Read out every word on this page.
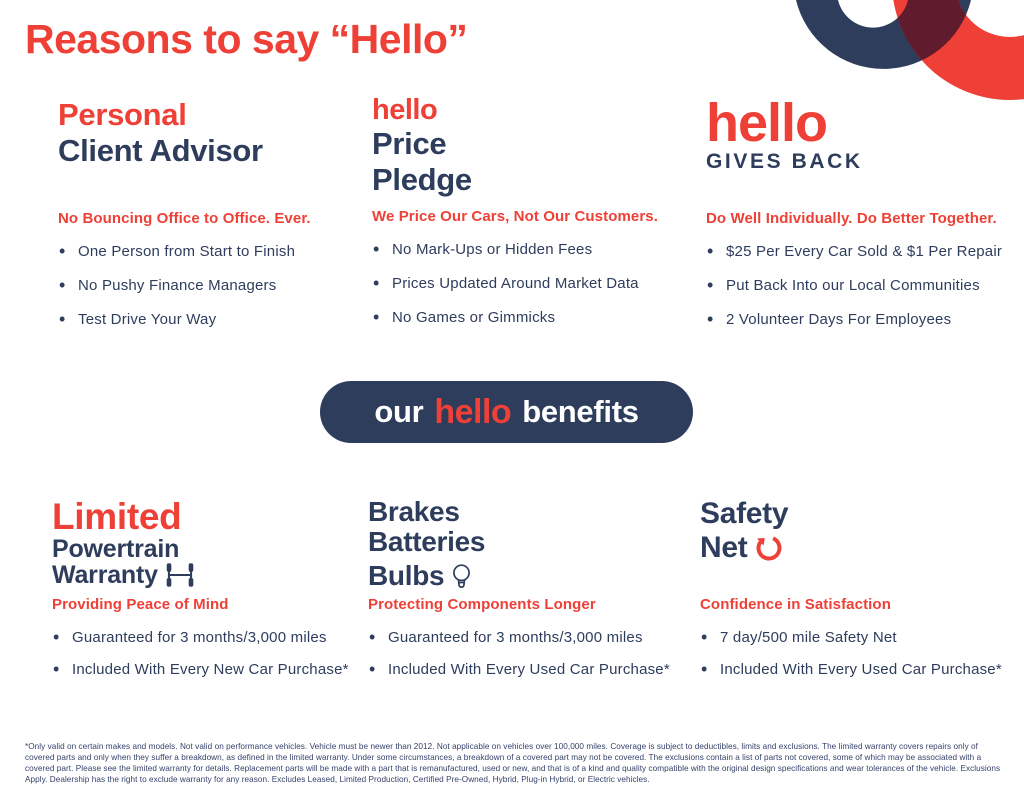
Reasons to say “Hello”
Personal
Client Advisor

No Bouncing Office to Office. Ever.

• One Person from Start to Finish
• No Pushy Finance Managers
• Test Drive Your Way
hello
Price
Pledge

We Price Our Cars, Not Our Customers.

• No Mark-Ups or Hidden Fees
• Prices Updated Around Market Data
• No Games or Gimmicks
hello
GIVES BACK

Do Well Individually. Do Better Together.

• $25 Per Every Car Sold & $1 Per Repair
• Put Back Into our Local Communities
• 2 Volunteer Days For Employees
our hello benefits
Limited
Powertrain
Warranty

Providing Peace of Mind

• Guaranteed for 3 months/3,000 miles
• Included With Every New Car Purchase*
Brakes
Batteries
Bulbs

Protecting Components Longer

• Guaranteed for 3 months/3,000 miles
• Included With Every Used Car Purchase*
Safety
Net

Confidence in Satisfaction

• 7 day/500 mile Safety Net
• Included With Every Used Car Purchase*

*Only valid on certain makes and models. Not valid on performance vehicles. Vehicle must be newer than 2012. Not applicable on vehicles over 100,000 miles. Coverage is subject to deductibles, limits and exclusions. The limited warranty covers repairs only of covered parts and only when they suffer a breakdown, as defined in the limited warranty. Under some circumstances, a breakdown of a covered part may not be covered. The exclusions contain a list of parts not covered, some of which may be associated with a covered part. Please see the limited warranty for details. Replacement parts will be made with a part that is remanufactured, used or new, and that is of a kind and quality compatible with the original design specifications and wear tolerances of the vehicle. Exclusions Apply. Dealership has the right to exclude warranty for any reason. Excludes Leased, Limited Production, Certified Pre-Owned, Hybrid, Plug-in Hybrid, or Electric vehicles.
